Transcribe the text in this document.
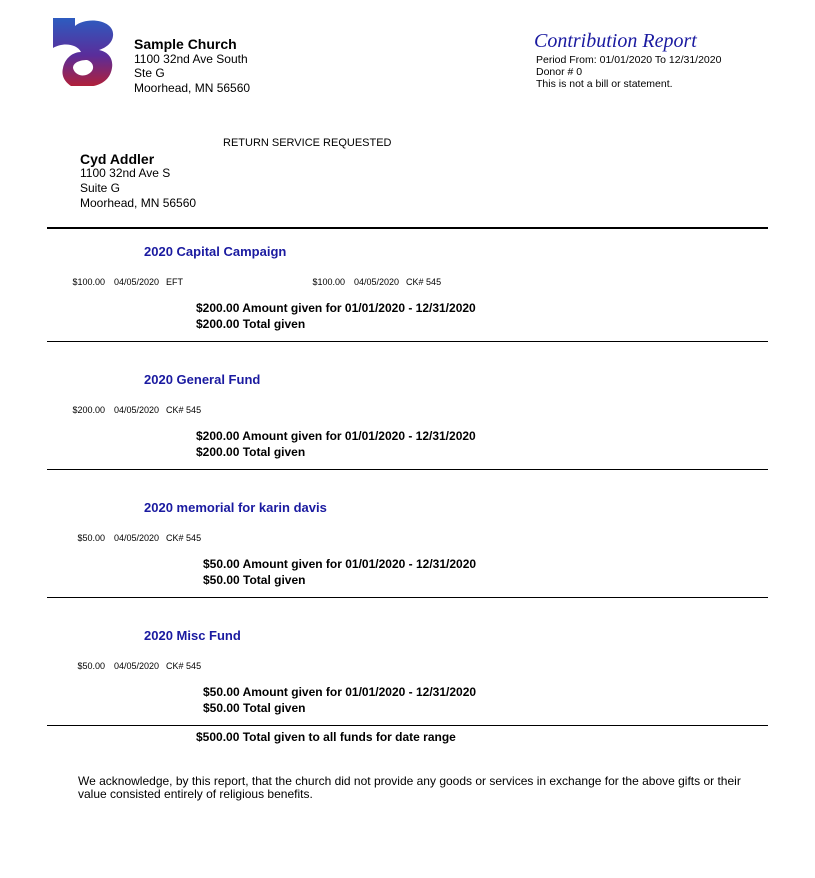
Sample Church
1100 32nd Ave South
Ste G
Moorhead, MN 56560
Contribution Report
Period From: 01/01/2020 To 12/31/2020
Donor # 0
This is not a bill or statement.
RETURN SERVICE REQUESTED
Cyd Addler
1100 32nd Ave S
Suite G
Moorhead, MN 56560
2020 Capital Campaign
$100.00 04/05/2020 EFT	$100.00 04/05/2020 CK# 545
$200.00 Amount given for 01/01/2020 - 12/31/2020
$200.00 Total given
2020 General Fund
$200.00 04/05/2020 CK# 545
$200.00 Amount given for 01/01/2020 - 12/31/2020
$200.00 Total given
2020 memorial for karin davis
$50.00 04/05/2020 CK# 545
$50.00 Amount given for 01/01/2020 - 12/31/2020
$50.00 Total given
2020 Misc Fund
$50.00 04/05/2020 CK# 545
$50.00 Amount given for 01/01/2020 - 12/31/2020
$50.00 Total given
$500.00 Total given to all funds for date range
We acknowledge, by this report, that the church did not provide any goods or services in exchange for the above gifts or their value consisted entirely of religious benefits.
